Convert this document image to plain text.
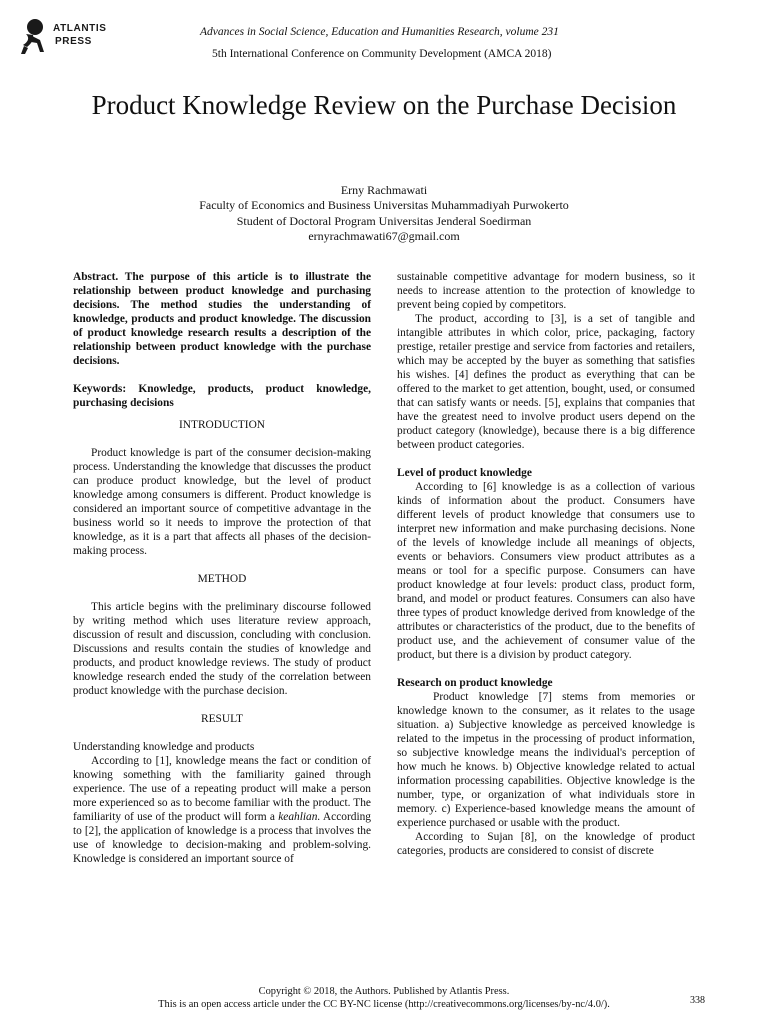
ATLANTIS
PRESS
Advances in Social Science, Education and Humanities Research, volume 231
5th International Conference on Community Development (AMCA 2018)
Product Knowledge Review on the Purchase Decision
Erny Rachmawati
Faculty of Economics and Business Universitas Muhammadiyah Purwokerto
Student of Doctoral Program Universitas Jenderal Soedirman
ernyrachmawati67@gmail.com

Abstract. The purpose of this article is to illustrate the relationship between product knowledge and purchasing decisions. The method studies the understanding of knowledge, products and product knowledge. The discussion of product knowledge research results a description of the relationship between product knowledge with the purchase decisions.

Keywords: Knowledge, products, product knowledge, purchasing decisions

INTRODUCTION

Product knowledge is part of the consumer decision-making process. Understanding the knowledge that discusses the product can produce product knowledge, but the level of product knowledge among consumers is different. Product knowledge is considered an important source of competitive advantage in the business world so it needs to improve the protection of that knowledge, as it is a part that affects all phases of the decision-making process.

METHOD

This article begins with the preliminary discourse followed by writing method which uses literature review approach, discussion of result and discussion, concluding with conclusion. Discussions and results contain the studies of knowledge and products, and product knowledge reviews. The study of product knowledge research ended the study of the correlation between product knowledge with the purchase decision.

RESULT

Understanding knowledge and products

According to [1], knowledge means the fact or condition of knowing something with the familiarity gained through experience. The use of a repeating product will make a person more experienced so as to become familiar with the product. The familiarity of use of the product will form a keahlian. According to [2], the application of knowledge is a process that involves the use of knowledge to decision-making and problem-solving. Knowledge is considered an important source of

sustainable competitive advantage for modern business, so it needs to increase attention to the protection of knowledge to prevent being copied by competitors.

The product, according to [3], is a set of tangible and intangible attributes in which color, price, packaging, factory prestige, retailer prestige and service from factories and retailers, which may be accepted by the buyer as something that satisfies his wishes. [4] defines the product as everything that can be offered to the market to get attention, bought, used, or consumed that can satisfy wants or needs. [5], explains that companies that have the greatest need to involve product users depend on the product category (knowledge), because there is a big difference between product categories.

Level of product knowledge

According to [6] knowledge is as a collection of various kinds of information about the product. Consumers have different levels of product knowledge that consumers use to interpret new information and make purchasing decisions. None of the levels of knowledge include all meanings of objects, events or behaviors. Consumers view product attributes as a means or tool for a specific purpose. Consumers can have product knowledge at four levels: product class, product form, brand, and model or product features. Consumers can also have three types of product knowledge derived from knowledge of the attributes or characteristics of the product, due to the benefits of product use, and the achievement of consumer value of the product, but there is a division by product category.

Research on product knowledge

Product knowledge [7] stems from memories or knowledge known to the consumer, as it relates to the usage situation. a) Subjective knowledge as perceived knowledge is related to the impetus in the processing of product information, so subjective knowledge means the individual's perception of how much he knows. b) Objective knowledge related to actual information processing capabilities. Objective knowledge is the number, type, or organization of what individuals store in memory. c) Experience-based knowledge means the amount of experience purchased or usable with the product.

According to Sujan [8], on the knowledge of product categories, products are considered to consist of discrete

Copyright © 2018, the Authors. Published by Atlantis Press.
This is an open access article under the CC BY-NC license (http://creativecommons.org/licenses/by-nc/4.0/).	338
